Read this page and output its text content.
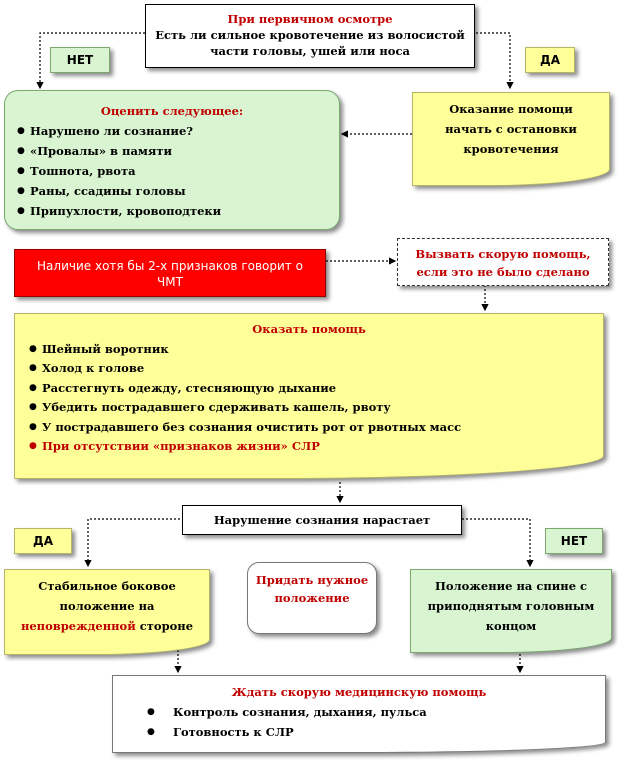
При первичном осмотре
Есть ли сильное кровотечение из волосистой части головы, ушей или носа
НЕТ	ДА
Оценить следующее:
● Нарушено ли сознание?
● «Провалы» в памяти
● Тошнота, рвота
● Раны, ссадины головы
● Припухлости, кровоподтеки
Оказание помощи начать с остановки кровотечения
Наличие хотя бы 2-х признаков говорит о ЧМТ
Вызвать скорую помощь, если это не было сделано
Оказать помощь
● Шейный воротник
● Холод к голове
● Расстегнуть одежду, стесняющую дыхание
● Убедить пострадавшего сдерживать кашель, рвоту
● У пострадавшего без сознания очистить рот от рвотных масс
● При отсутствии «признаков жизни» СЛР
Нарушение сознания нарастает
ДА	НЕТ
Стабильное боковое положение на неповрежденной стороне
Придать нужное положение
Положение на спине с приподнятым головным концом
Ждать скорую медицинскую помощь
● Контроль сознания, дыхания, пульса
● Готовность к СЛР
